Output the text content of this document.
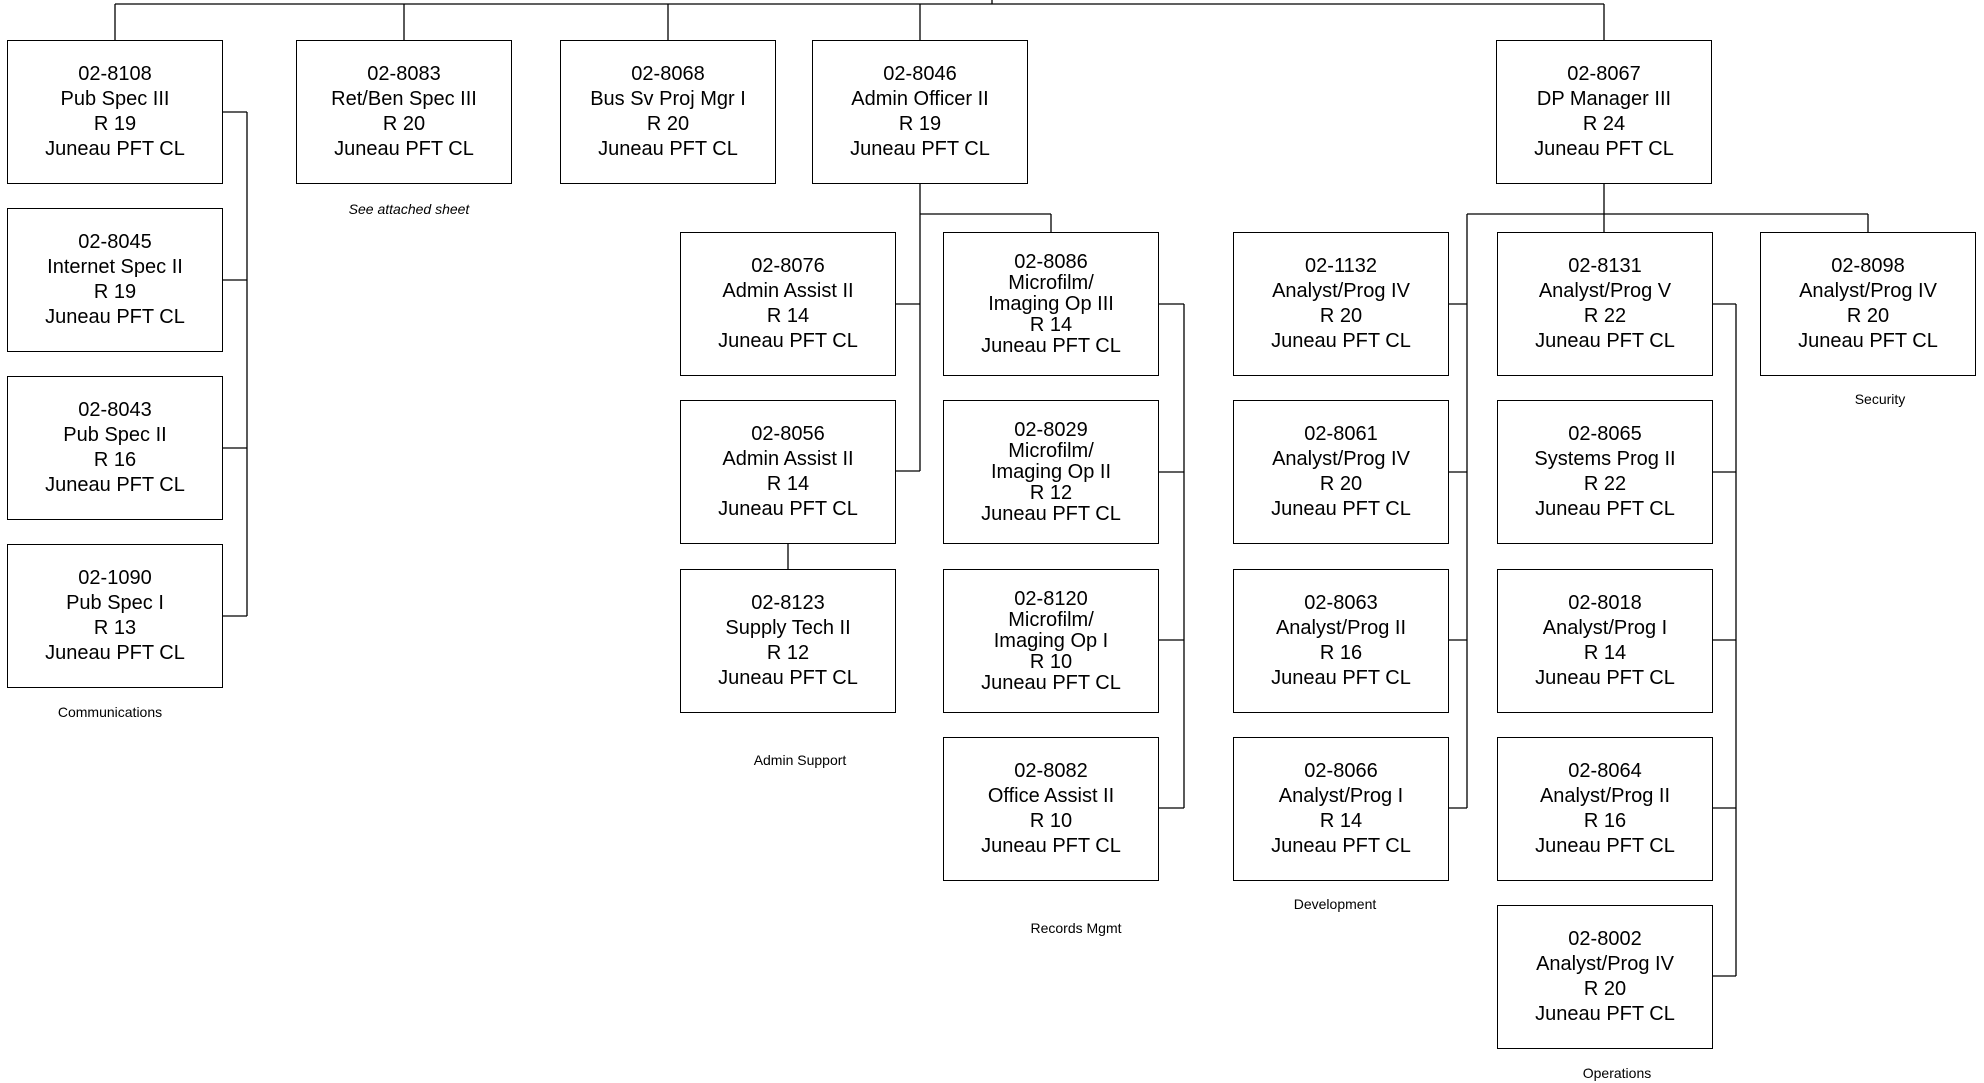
02-8108
Pub Spec III
R 19
Juneau PFT CL
02-8083
Ret/Ben Spec III
R 20
Juneau PFT CL
02-8068
Bus Sv Proj Mgr I
R 20
Juneau PFT CL
02-8046
Admin Officer II
R 19
Juneau PFT CL
02-8067
DP Manager III
R 24
Juneau PFT CL
02-8045
Internet Spec II
R 19
Juneau PFT CL
02-8043
Pub Spec II
R 16
Juneau PFT CL
02-1090
Pub Spec I
R 13
Juneau PFT CL
02-8076
Admin Assist II
R 14
Juneau PFT CL
02-8056
Admin Assist II
R 14
Juneau PFT CL
02-8123
Supply Tech II
R 12
Juneau PFT CL
02-8086
Microfilm/
Imaging Op III
R 14
Juneau PFT CL
02-8029
Microfilm/
Imaging Op II
R 12
Juneau PFT CL
02-8120
Microfilm/
Imaging Op I
R 10
Juneau PFT CL
02-8082
Office Assist II
R 10
Juneau PFT CL
02-1132
Analyst/Prog IV
R 20
Juneau PFT CL
02-8061
Analyst/Prog IV
R 20
Juneau PFT CL
02-8063
Analyst/Prog II
R 16
Juneau PFT CL
02-8066
Analyst/Prog I
R 14
Juneau PFT CL
02-8131
Analyst/Prog V
R 22
Juneau PFT CL
02-8065
Systems Prog II
R 22
Juneau PFT CL
02-8018
Analyst/Prog I
R 14
Juneau PFT CL
02-8064
Analyst/Prog II
R 16
Juneau PFT CL
02-8002
Analyst/Prog IV
R 20
Juneau PFT CL
02-8098
Analyst/Prog IV
R 20
Juneau PFT CL
Communications
See attached sheet
Admin Support
Records Mgmt
Development
Security
Operations
